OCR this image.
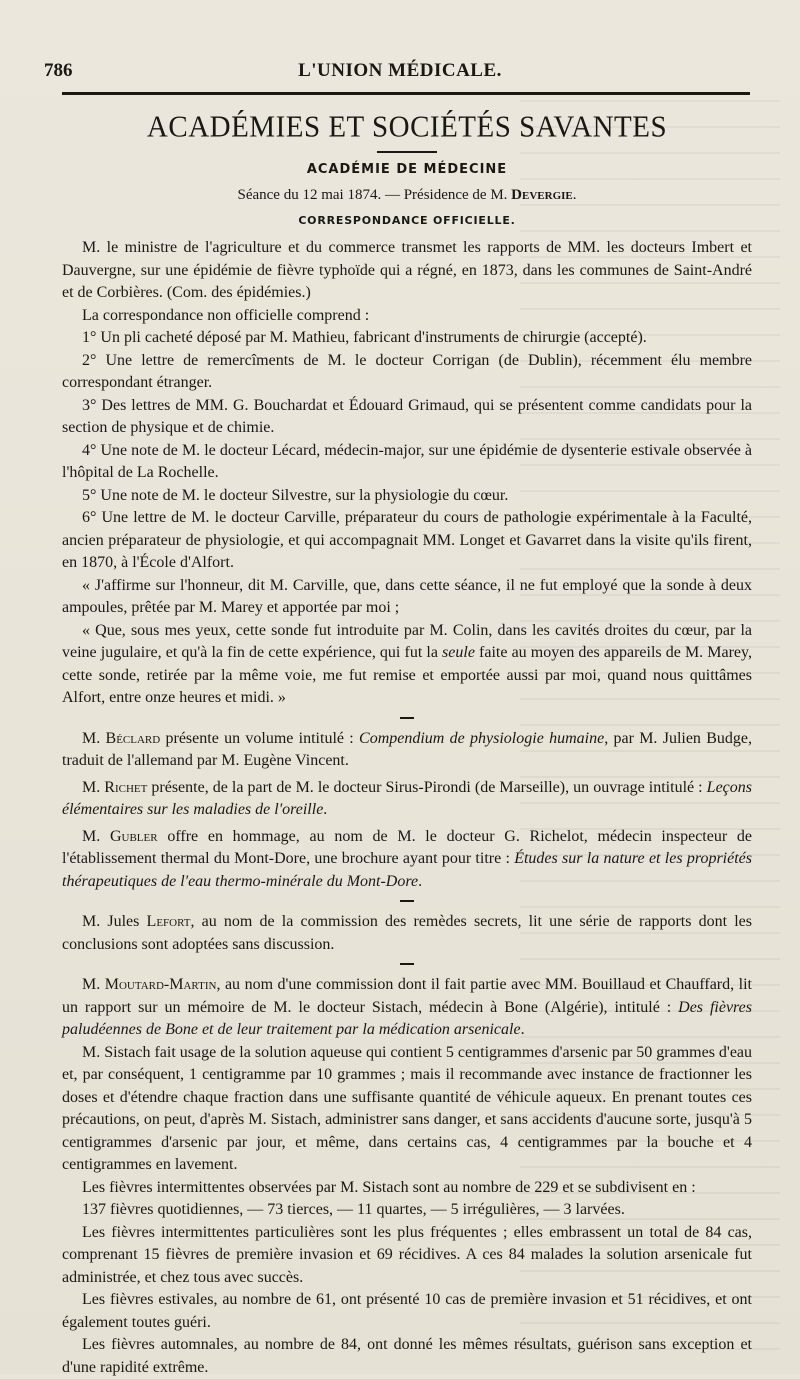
786	L'UNION MÉDICALE.
ACADÉMIES ET SOCIÉTÉS SAVANTES
ACADÉMIE DE MÉDECINE
Séance du 12 mai 1874. — Présidence de M. Devergie.
CORRESPONDANCE OFFICIELLE.

M. le ministre de l'agriculture et du commerce transmet les rapports de MM. les docteurs Imbert et Dauvergne, sur une épidémie de fièvre typhoïde qui a régné, en 1873, dans les communes de Saint-André et de Corbières. (Com. des épidémies.)

La correspondance non officielle comprend :

1° Un pli cacheté déposé par M. Mathieu, fabricant d'instruments de chirurgie (accepté).

2° Une lettre de remercîments de M. le docteur Corrigan (de Dublin), récemment élu membre correspondant étranger.

3° Des lettres de MM. G. Bouchardat et Édouard Grimaud, qui se présentent comme candidats pour la section de physique et de chimie.

4° Une note de M. le docteur Lécard, médecin-major, sur une épidémie de dysenterie estivale observée à l'hôpital de La Rochelle.

5° Une note de M. le docteur Silvestre, sur la physiologie du cœur.

6° Une lettre de M. le docteur Carville, préparateur du cours de pathologie expérimentale à la Faculté, ancien préparateur de physiologie, et qui accompagnait MM. Longet et Gavarret dans la visite qu'ils firent, en 1870, à l'École d'Alfort.

« J'affirme sur l'honneur, dit M. Carville, que, dans cette séance, il ne fut employé que la sonde à deux ampoules, prêtée par M. Marey et apportée par moi ;

« Que, sous mes yeux, cette sonde fut introduite par M. Colin, dans les cavités droites du cœur, par la veine jugulaire, et qu'à la fin de cette expérience, qui fut la seule faite au moyen des appareils de M. Marey, cette sonde, retirée par la même voie, me fut remise et emportée aussi par moi, quand nous quittâmes Alfort, entre onze heures et midi. »

M. Béclard présente un volume intitulé : Compendium de physiologie humaine, par M. Julien Budge, traduit de l'allemand par M. Eugène Vincent.

M. Richet présente, de la part de M. le docteur Sirus-Pirondi (de Marseille), un ouvrage intitulé : Leçons élémentaires sur les maladies de l'oreille.

M. Gubler offre en hommage, au nom de M. le docteur G. Richelot, médecin inspecteur de l'établissement thermal du Mont-Dore, une brochure ayant pour titre : Études sur la nature et les propriétés thérapeutiques de l'eau thermo-minérale du Mont-Dore.

M. Jules Lefort, au nom de la commission des remèdes secrets, lit une série de rapports dont les conclusions sont adoptées sans discussion.

M. Moutard-Martin, au nom d'une commission dont il fait partie avec MM. Bouillaud et Chauffard, lit un rapport sur un mémoire de M. le docteur Sistach, médecin à Bone (Algérie), intitulé : Des fièvres paludéennes de Bone et de leur traitement par la médication arsenicale.

M. Sistach fait usage de la solution aqueuse qui contient 5 centigrammes d'arsenic par 50 grammes d'eau et, par conséquent, 1 centigramme par 10 grammes ; mais il recommande avec instance de fractionner les doses et d'étendre chaque fraction dans une suffisante quantité de véhicule aqueux. En prenant toutes ces précautions, on peut, d'après M. Sistach, administrer sans danger, et sans accidents d'aucune sorte, jusqu'à 5 centigrammes d'arsenic par jour, et même, dans certains cas, 4 centigrammes par la bouche et 4 centigrammes en lavement.

Les fièvres intermittentes observées par M. Sistach sont au nombre de 229 et se subdivisent en :

137 fièvres quotidiennes, — 73 tierces, — 11 quartes, — 5 irrégulières, — 3 larvées.

Les fièvres intermittentes particulières sont les plus fréquentes ; elles embrassent un total de 84 cas, comprenant 15 fièvres de première invasion et 69 récidives. A ces 84 malades la solution arsenicale fut administrée, et chez tous avec succès.

Les fièvres estivales, au nombre de 61, ont présenté 10 cas de première invasion et 51 récidives, et ont également toutes guéri.

Les fièvres automnales, au nombre de 84, ont donné les mêmes résultats, guérison sans exception et d'une rapidité extrême.
